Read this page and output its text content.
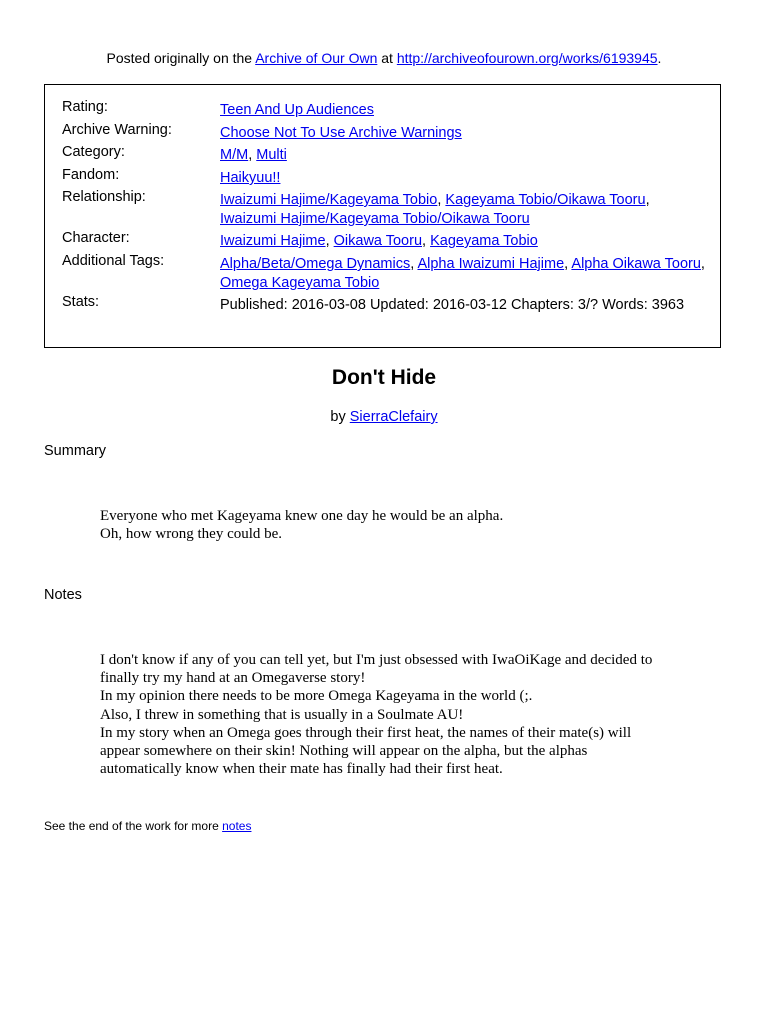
Posted originally on the Archive of Our Own at http://archiveofourown.org/works/6193945.
Rating:	Teen And Up Audiences
Archive Warning:	Choose Not To Use Archive Warnings
Category:	M/M, Multi
Fandom:	Haikyuu!!
Relationship:	Iwaizumi Hajime/Kageyama Tobio, Kageyama Tobio/Oikawa Tooru,
Iwaizumi Hajime/Kageyama Tobio/Oikawa Tooru
Character:	Iwaizumi Hajime, Oikawa Tooru, Kageyama Tobio
Additional Tags:	Alpha/Beta/Omega Dynamics, Alpha Iwaizumi Hajime, Alpha Oikawa Tooru, Omega Kageyama Tobio
Stats:	Published: 2016-03-08 Updated: 2016-03-12 Chapters: 3/? Words: 3963
Don't Hide
by SierraClefairy
Summary

Everyone who met Kageyama knew one day he would be an alpha.

Oh, how wrong they could be.

Notes

I don't know if any of you can tell yet, but I'm just obsessed with IwaOiKage and decided to finally try my hand at an Omegaverse story!

In my opinion there needs to be more Omega Kageyama in the world (;.

Also, I threw in something that is usually in a Soulmate AU!

In my story when an Omega goes through their first heat, the names of their mate(s) will appear somewhere on their skin! Nothing will appear on the alpha, but the alphas automatically know when their mate has finally had their first heat.

See the end of the work for more notes
